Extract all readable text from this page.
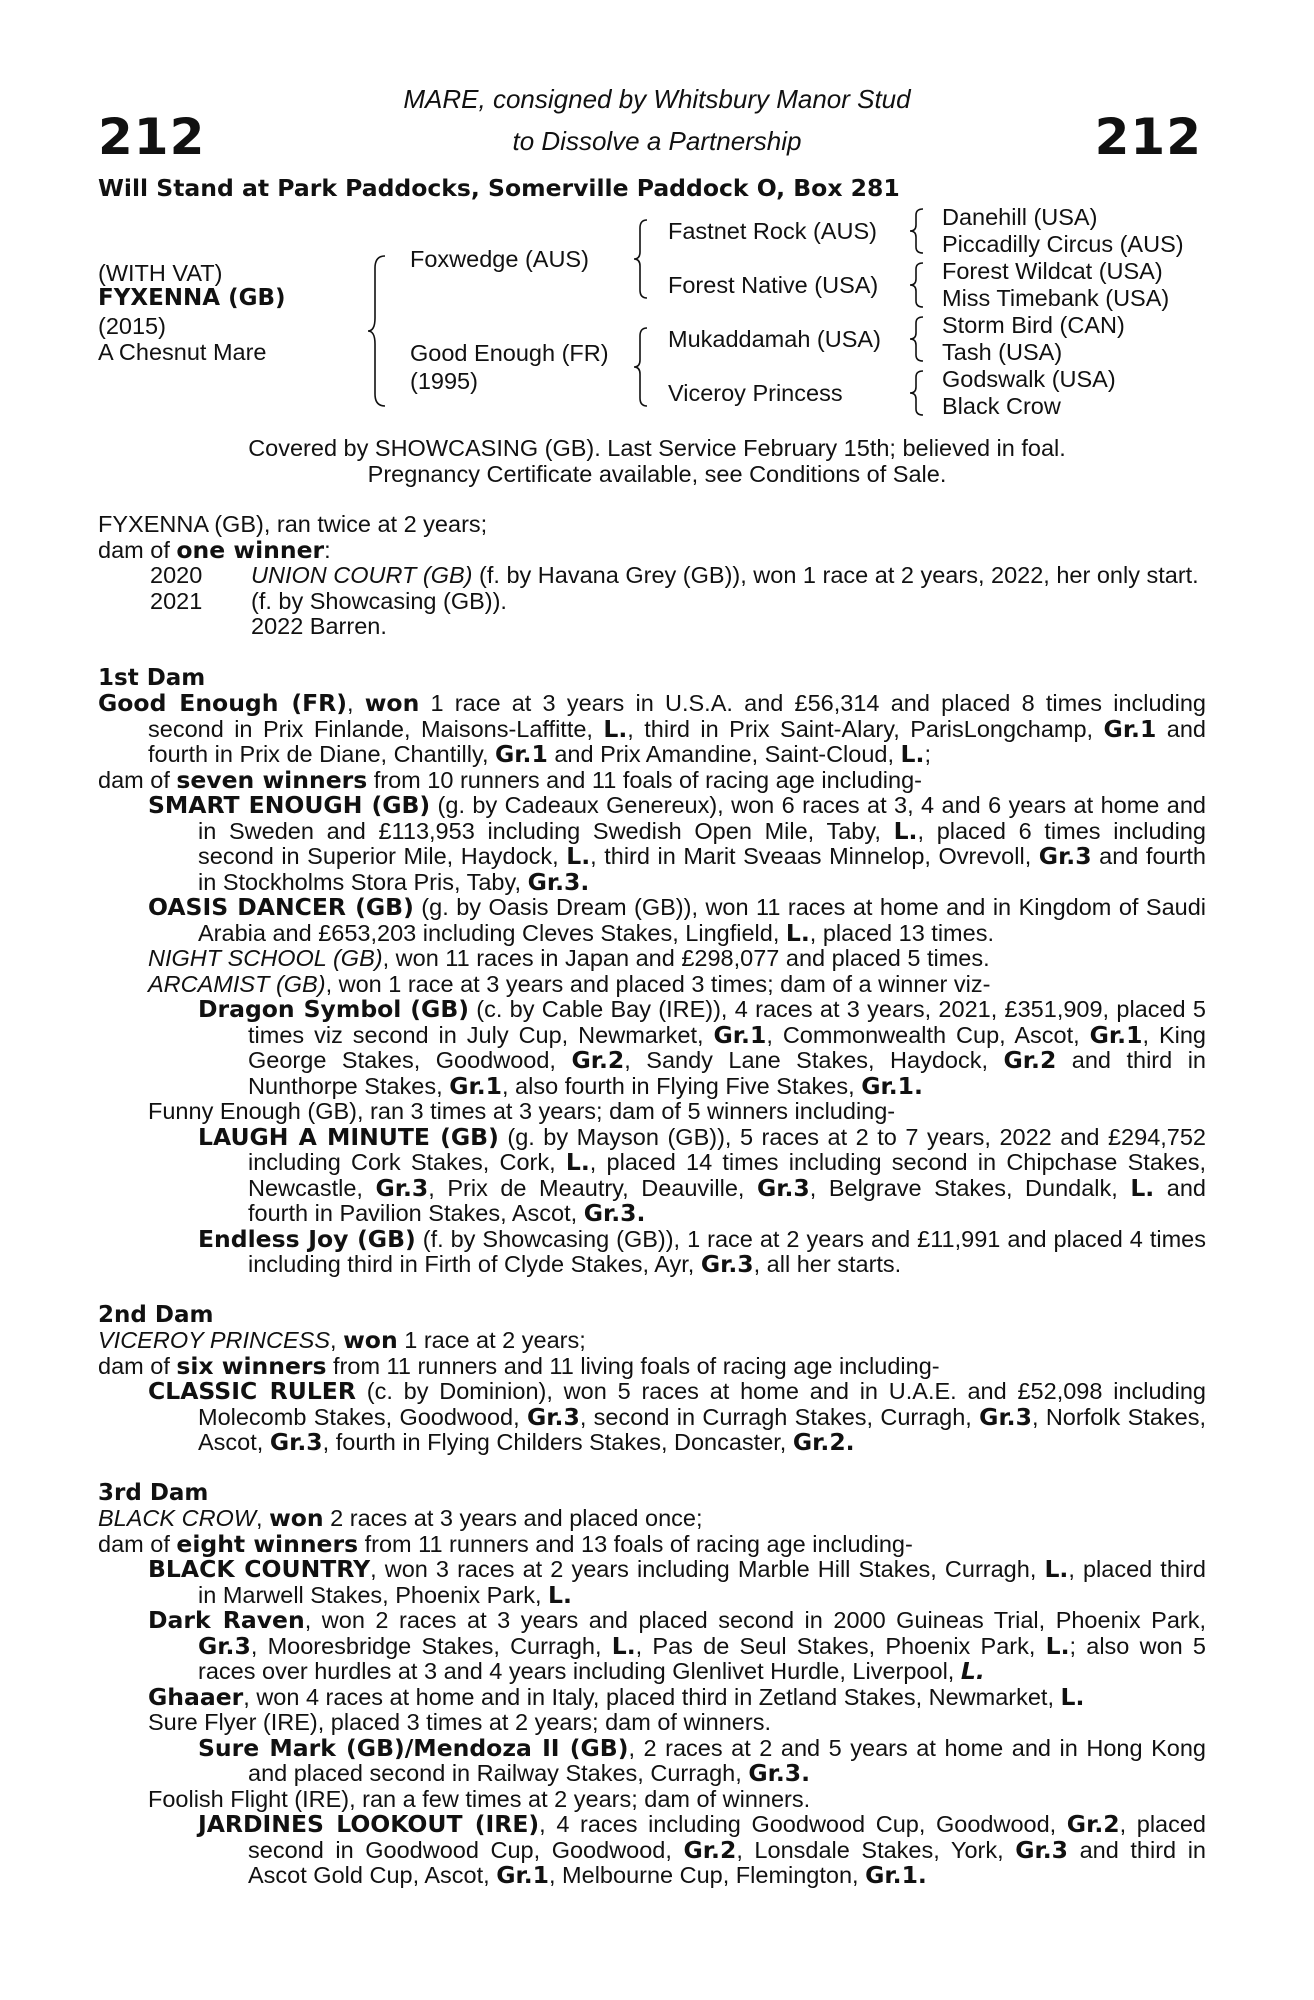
212	212
MARE, consigned by Whitsbury Manor Stud
to Dissolve a Partnership
Will Stand at Park Paddocks, Somerville Paddock O, Box 281
(WITH VAT)
FYXENNA (GB)
(2015)
A Chesnut Mare
Foxwedge (AUS)
Good Enough (FR)
(1995)
Fastnet Rock (AUS)
Forest Native (USA)
Mukaddamah (USA)
Viceroy Princess
Danehill (USA)
Piccadilly Circus (AUS)
Forest Wildcat (USA)
Miss Timebank (USA)
Storm Bird (CAN)
Tash (USA)
Godswalk (USA)
Black Crow
Covered by SHOWCASING (GB). Last Service February 15th; believed in foal.
Pregnancy Certificate available, see Conditions of Sale.

FYXENNA (GB), ran twice at 2 years;

dam of one winner:

2020 UNION COURT (GB) (f. by Havana Grey (GB)), won 1 race at 2 years, 2022, her only start.
2021 (f. by Showcasing (GB)).

2022 Barren.

1st Dam

Good Enough (FR), won 1 race at 3 years in U.S.A. and £56,314 and placed 8 times including second in Prix Finlande, Maisons-Laffitte, L., third in Prix Saint-Alary, ParisLongchamp, Gr.1 and fourth in Prix de Diane, Chantilly, Gr.1 and Prix Amandine, Saint-Cloud, L.;

dam of seven winners from 10 runners and 11 foals of racing age including-

SMART ENOUGH (GB) (g. by Cadeaux Genereux), won 6 races at 3, 4 and 6 years at home and in Sweden and £113,953 including Swedish Open Mile, Taby, L., placed 6 times including second in Superior Mile, Haydock, L., third in Marit Sveaas Minnelop, Ovrevoll, Gr.3 and fourth in Stockholms Stora Pris, Taby, Gr.3.

OASIS DANCER (GB) (g. by Oasis Dream (GB)), won 11 races at home and in Kingdom of Saudi Arabia and £653,203 including Cleves Stakes, Lingfield, L., placed 13 times.

NIGHT SCHOOL (GB), won 11 races in Japan and £298,077 and placed 5 times.

ARCAMIST (GB), won 1 race at 3 years and placed 3 times; dam of a winner viz-

Dragon Symbol (GB) (c. by Cable Bay (IRE)), 4 races at 3 years, 2021, £351,909, placed 5 times viz second in July Cup, Newmarket, Gr.1, Commonwealth Cup, Ascot, Gr.1, King George Stakes, Goodwood, Gr.2, Sandy Lane Stakes, Haydock, Gr.2 and third in Nunthorpe Stakes, Gr.1, also fourth in Flying Five Stakes, Gr.1.

Funny Enough (GB), ran 3 times at 3 years; dam of 5 winners including-

LAUGH A MINUTE (GB) (g. by Mayson (GB)), 5 races at 2 to 7 years, 2022 and £294,752 including Cork Stakes, Cork, L., placed 14 times including second in Chipchase Stakes, Newcastle, Gr.3, Prix de Meautry, Deauville, Gr.3, Belgrave Stakes, Dundalk, L. and fourth in Pavilion Stakes, Ascot, Gr.3.

Endless Joy (GB) (f. by Showcasing (GB)), 1 race at 2 years and £11,991 and placed 4 times including third in Firth of Clyde Stakes, Ayr, Gr.3, all her starts.

2nd Dam

VICEROY PRINCESS, won 1 race at 2 years;

dam of six winners from 11 runners and 11 living foals of racing age including-

CLASSIC RULER (c. by Dominion), won 5 races at home and in U.A.E. and £52,098 including Molecomb Stakes, Goodwood, Gr.3, second in Curragh Stakes, Curragh, Gr.3, Norfolk Stakes, Ascot, Gr.3, fourth in Flying Childers Stakes, Doncaster, Gr.2.

3rd Dam

BLACK CROW, won 2 races at 3 years and placed once;

dam of eight winners from 11 runners and 13 foals of racing age including-

BLACK COUNTRY, won 3 races at 2 years including Marble Hill Stakes, Curragh, L., placed third in Marwell Stakes, Phoenix Park, L.

Dark Raven, won 2 races at 3 years and placed second in 2000 Guineas Trial, Phoenix Park, Gr.3, Mooresbridge Stakes, Curragh, L., Pas de Seul Stakes, Phoenix Park, L.; also won 5 races over hurdles at 3 and 4 years including Glenlivet Hurdle, Liverpool, L.

Ghaaer, won 4 races at home and in Italy, placed third in Zetland Stakes, Newmarket, L.

Sure Flyer (IRE), placed 3 times at 2 years; dam of winners.

Sure Mark (GB)/Mendoza II (GB), 2 races at 2 and 5 years at home and in Hong Kong and placed second in Railway Stakes, Curragh, Gr.3.

Foolish Flight (IRE), ran a few times at 2 years; dam of winners.

JARDINES LOOKOUT (IRE), 4 races including Goodwood Cup, Goodwood, Gr.2, placed second in Goodwood Cup, Goodwood, Gr.2, Lonsdale Stakes, York, Gr.3 and third in Ascot Gold Cup, Ascot, Gr.1, Melbourne Cup, Flemington, Gr.1.
